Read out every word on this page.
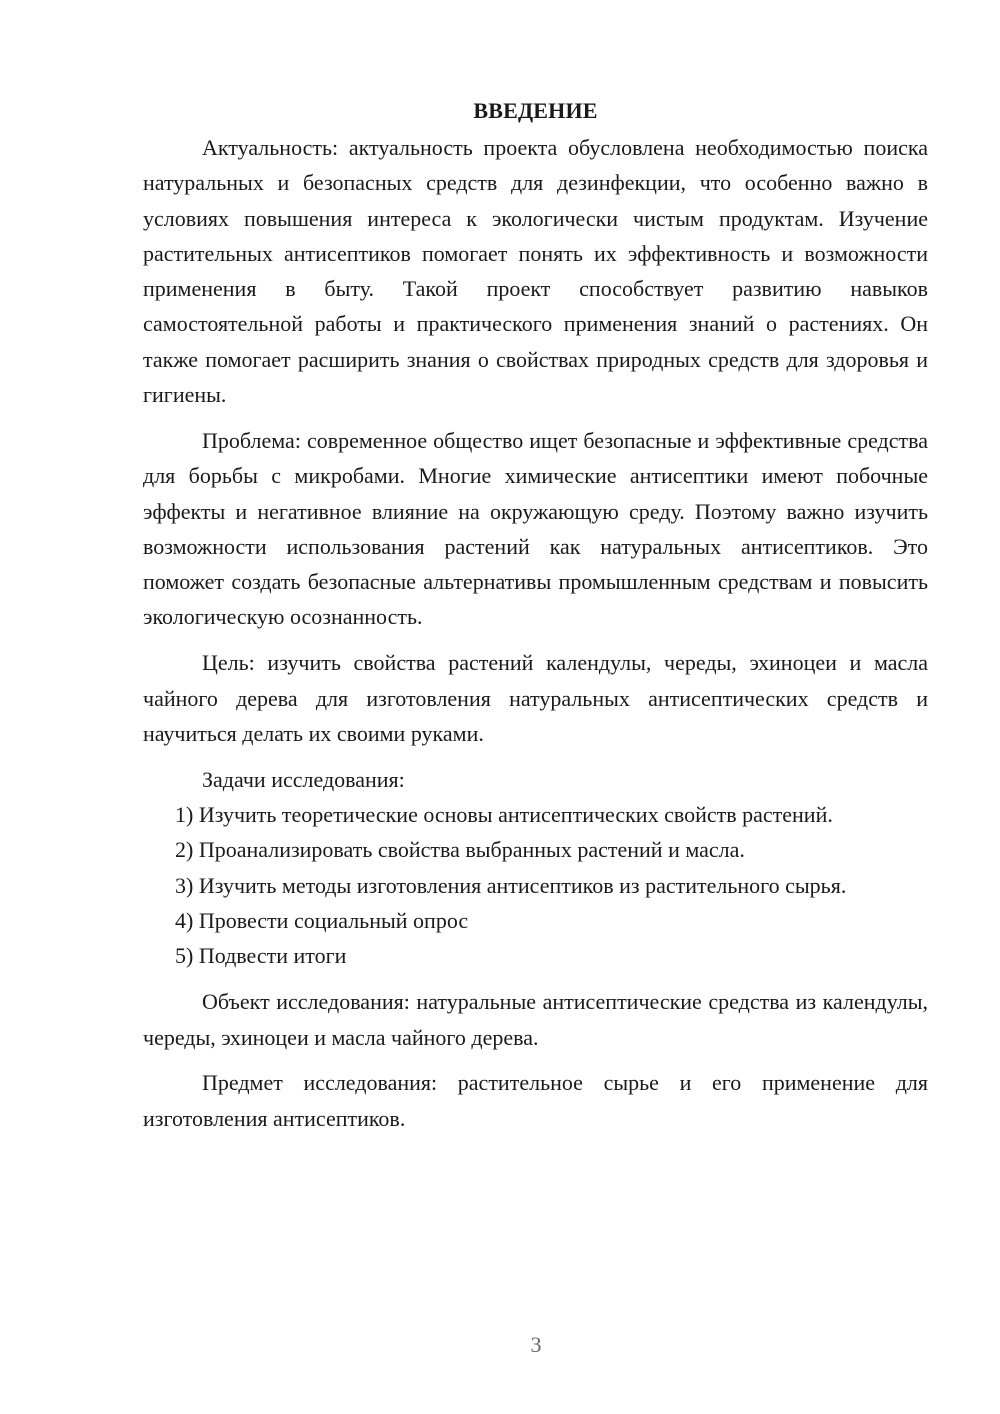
ВВЕДЕНИЕ

Актуальность: актуальность проекта обусловлена необходимостью поиска натуральных и безопасных средств для дезинфекции, что особенно важно в условиях повышения интереса к экологически чистым продуктам. Изучение растительных антисептиков помогает понять их эффективность и возможности применения в быту. Такой проект способствует развитию навыков самостоятельной работы и практического применения знаний о растениях. Он также помогает расширить знания о свойствах природных средств для здоровья и гигиены.

Проблема: современное общество ищет безопасные и эффективные средства для борьбы с микробами. Многие химические антисептики имеют побочные эффекты и негативное влияние на окружающую среду. Поэтому важно изучить возможности использования растений как натуральных антисептиков. Это поможет создать безопасные альтернативы промышленным средствам и повысить экологическую осознанность.

Цель: изучить свойства растений календулы, череды, эхиноцеи и масла чайного дерева для изготовления натуральных антисептических средств и научиться делать их своими руками.

Задачи исследования:

1) Изучить теоретические основы антисептических свойств растений.

2) Проанализировать свойства выбранных растений и масла.

3) Изучить методы изготовления антисептиков из растительного сырья.

4) Провести социальный опрос

5) Подвести итоги

Объект исследования: натуральные антисептические средства из календулы, череды, эхиноцеи и масла чайного дерева.

Предмет исследования: растительное сырье и его применение для изготовления антисептиков.

3
